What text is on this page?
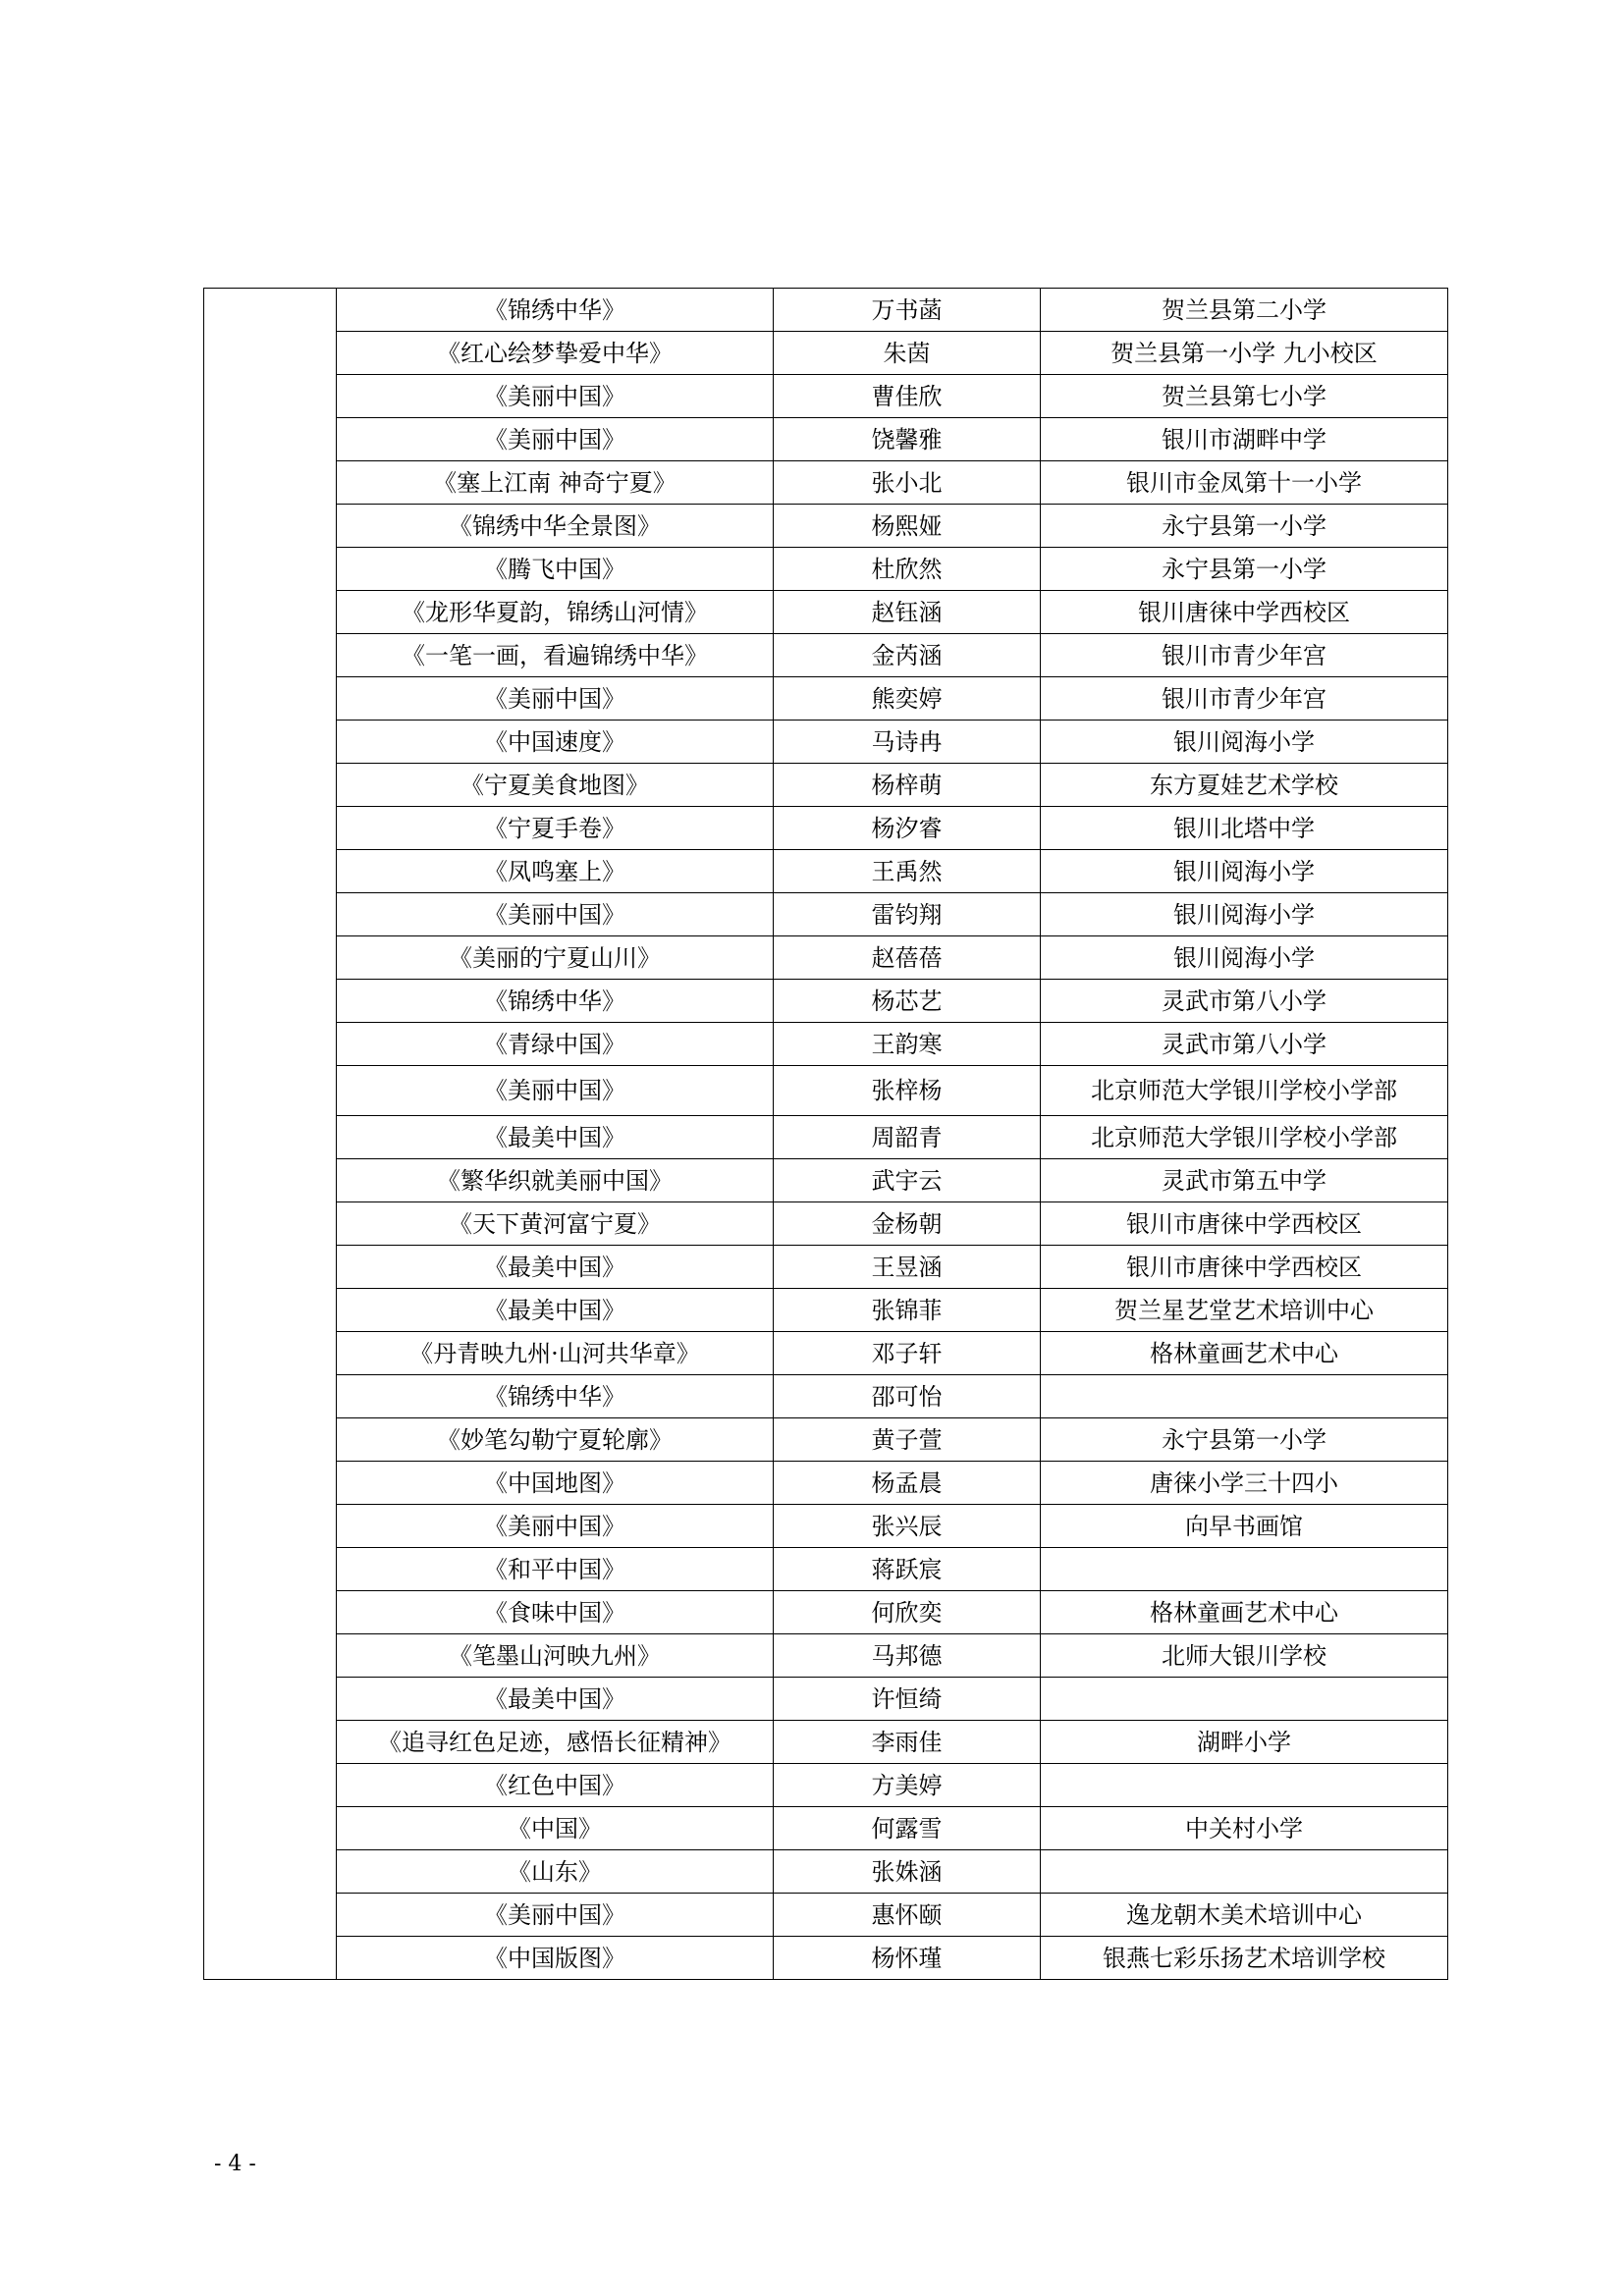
	《锦绣中华》	万书菡	贺兰县第二小学
	《红心绘梦挚爱中华》	朱茵	贺兰县第一小学 九小校区
	《美丽中国》	曹佳欣	贺兰县第七小学
	《美丽中国》	饶馨雅	银川市湖畔中学
	《塞上江南 神奇宁夏》	张小北	银川市金凤第十一小学
	《锦绣中华全景图》	杨熙娅	永宁县第一小学
	《腾飞中国》	杜欣然	永宁县第一小学
	《龙形华夏韵，锦绣山河情》	赵钰涵	银川唐徕中学西校区
	《一笔一画，看遍锦绣中华》	金芮涵	银川市青少年宫
	《美丽中国》	熊奕婷	银川市青少年宫
	《中国速度》	马诗冉	银川阅海小学
	《宁夏美食地图》	杨梓萌	东方夏娃艺术学校
	《宁夏手卷》	杨汐睿	银川北塔中学
	《凤鸣塞上》	王禹然	银川阅海小学
	《美丽中国》	雷钧翔	银川阅海小学
	《美丽的宁夏山川》	赵蓓蓓	银川阅海小学
	《锦绣中华》	杨芯艺	灵武市第八小学
	《青绿中国》	王韵寒	灵武市第八小学
	《美丽中国》	张梓杨	北京师范大学银川学校小学部
	《最美中国》	周韶青	北京师范大学银川学校小学部
	《繁华织就美丽中国》	武宇云	灵武市第五中学
	《天下黄河富宁夏》	金杨朝	银川市唐徕中学西校区
	《最美中国》	王昱涵	银川市唐徕中学西校区
	《最美中国》	张锦菲	贺兰星艺堂艺术培训中心
	《丹青映九州·山河共华章》	邓子轩	格林童画艺术中心
	《锦绣中华》	邵可怡	
	《妙笔勾勒宁夏轮廓》	黄子萱	永宁县第一小学
	《中国地图》	杨孟晨	唐徕小学三十四小
	《美丽中国》	张兴辰	向早书画馆
	《和平中国》	蒋跃宸	
	《食味中国》	何欣奕	格林童画艺术中心
	《笔墨山河映九州》	马邦德	北师大银川学校
	《最美中国》	许恒绮	
	《追寻红色足迹，感悟长征精神》	李雨佳	湖畔小学
	《红色中国》	方美婷	
	《中国》	何露雪	中关村小学
	《山东》	张姝涵	
	《美丽中国》	惠怀颐	逸龙朝木美术培训中心
	《中国版图》	杨怀瑾	银燕七彩乐扬艺术培训学校
- 4 -
